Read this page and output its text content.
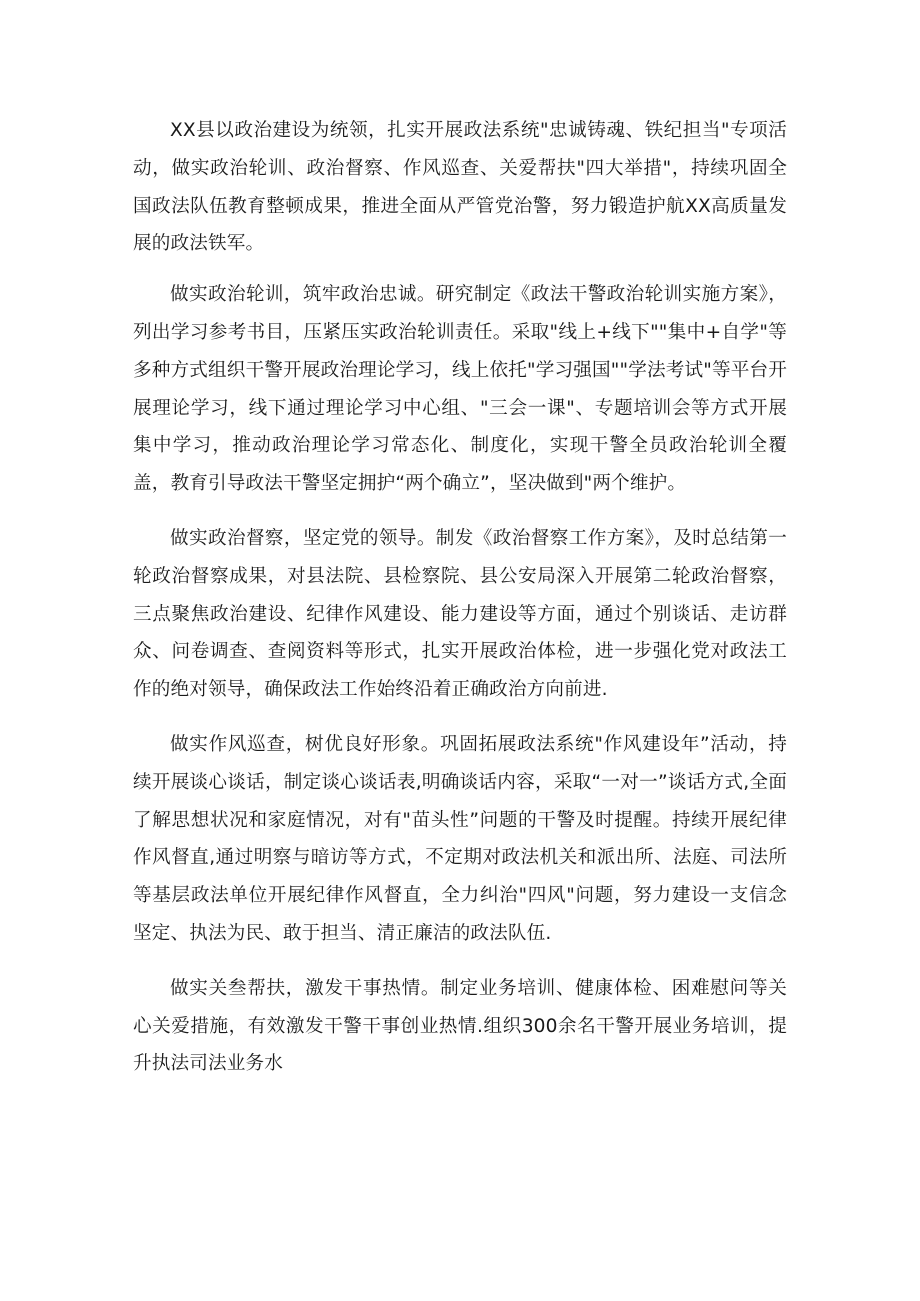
XX县以政治建设为统领，扎实开展政法系统"忠诚铸魂、铁纪担当"专项活动，做实政治轮训、政治督察、作风巡查、关爱帮扶"四大举措"，持续巩固全国政法队伍教育整顿成果，推进全面从严管党治警，努力锻造护航XX高质量发展的政法铁军。

做实政治轮训，筑牢政治忠诚。研究制定《政法干警政治轮训实施方案》，列出学习参考书目，压紧压实政治轮训责任。采取"线上+线下""集中+自学"等多种方式组织干警开展政治理论学习，线上依托"学习强国""学法考试"等平台开展理论学习，线下通过理论学习中心组、"三会一课"、专题培训会等方式开展集中学习，推动政治理论学习常态化、制度化，实现干警全员政治轮训全覆盖，教育引导政法干警坚定拥护“两个确立”，坚决做到"两个维护。

做实政治督察，坚定党的领导。制发《政治督察工作方案》，及时总结第一轮政治督察成果，对县法院、县检察院、县公安局深入开展第二轮政治督察，三点聚焦政治建设、纪律作风建设、能力建设等方面，通过个别谈话、走访群众、问卷调查、查阅资料等形式，扎实开展政治体检，进一步强化党对政法工作的绝对领导，确保政法工作始终沿着正确政治方向前进.

做实作风巡查，树优良好形象。巩固拓展政法系统"作风建设年”活动，持续开展谈心谈话，制定谈心谈话表,明确谈话内容，采取“一对一”谈话方式,全面了解思想状况和家庭情况，对有"苗头性”问题的干警及时提醒。持续开展纪律作风督直,通过明察与暗访等方式，不定期对政法机关和派出所、法庭、司法所等基层政法单位开展纪律作风督直，全力纠治"四风"问题，努力建设一支信念坚定、执法为民、敢于担当、清正廉洁的政法队伍.

做实关叁帮扶，激发干事热情。制定业务培训、健康体检、困难慰问等关心关爱措施，有效激发干警干事创业热情.组织300余名干警开展业务培训，提升执法司法业务水
